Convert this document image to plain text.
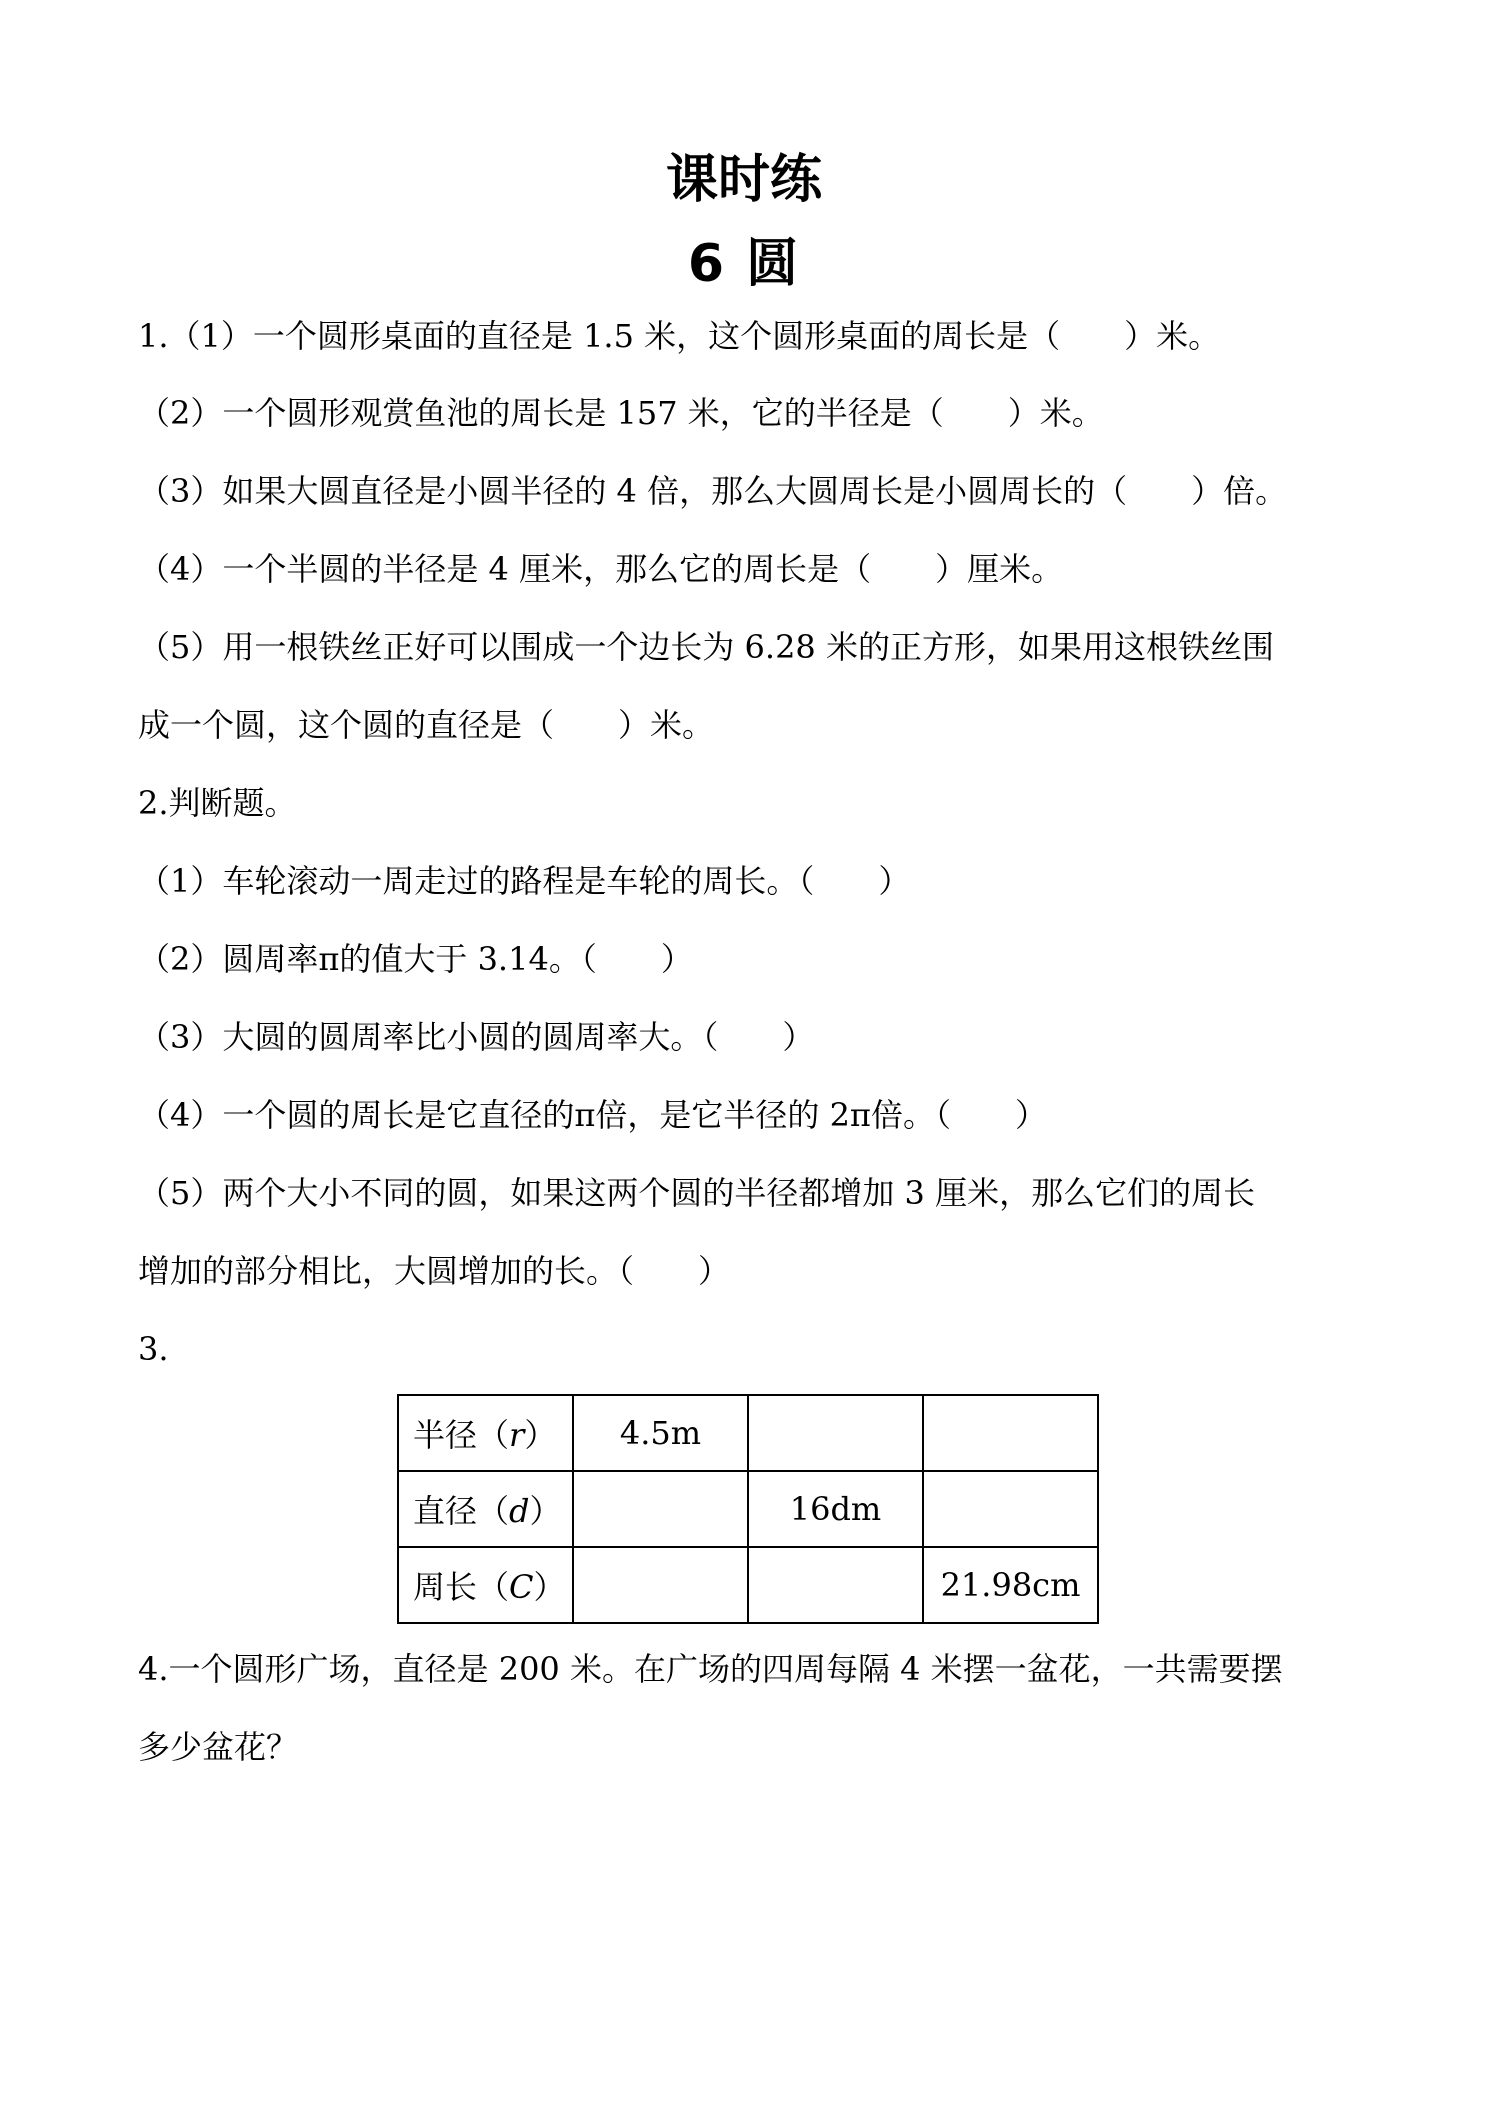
课时练
6 圆
1.（1）一个圆形桌面的直径是 1.5 米，这个圆形桌面的周长是（　　）米。
（2）一个圆形观赏鱼池的周长是 157 米，它的半径是（　　）米。
（3）如果大圆直径是小圆半径的 4 倍，那么大圆周长是小圆周长的（　　）倍。
（4）一个半圆的半径是 4 厘米，那么它的周长是（　　）厘米。
（5）用一根铁丝正好可以围成一个边长为 6.28 米的正方形，如果用这根铁丝围
成一个圆，这个圆的直径是（　　）米。
2.判断题。
（1）车轮滚动一周走过的路程是车轮的周长。（　　）
（2）圆周率π的值大于 3.14。（　　）
（3）大圆的圆周率比小圆的圆周率大。（　　）
（4）一个圆的周长是它直径的π倍，是它半径的 2π倍。（　　）
（5）两个大小不同的圆，如果这两个圆的半径都增加 3 厘米，那么它们的周长
增加的部分相比，大圆增加的长。（　　）
3.
半径（r）	4.5m		
直径（d）		16dm	
周长（C）			21.98cm
4.一个圆形广场，直径是 200 米。在广场的四周每隔 4 米摆一盆花，一共需要摆
多少盆花？
